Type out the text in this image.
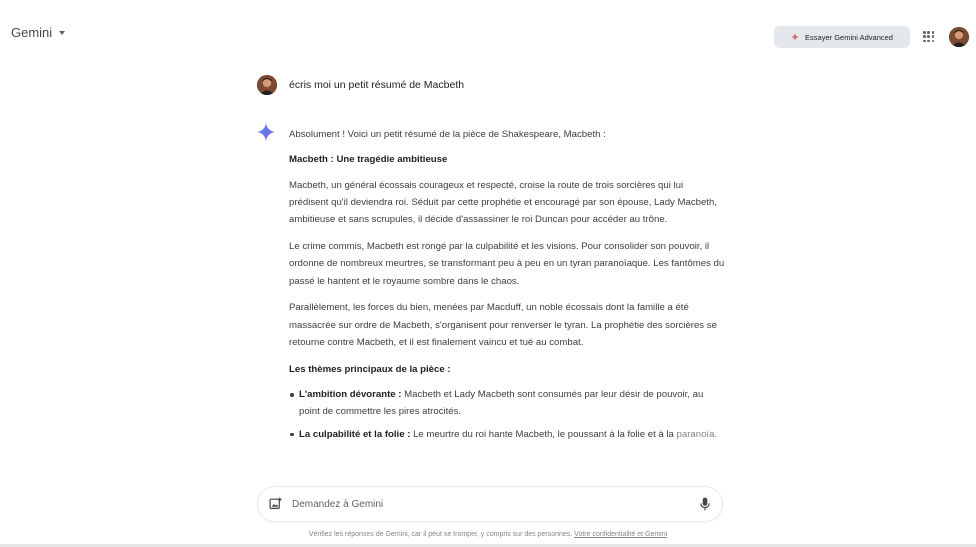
Gemini	Essayer Gemini Advanced
écris moi un petit résumé de Macbeth

Absolument ! Voici un petit résumé de la pièce de Shakespeare, Macbeth :

Macbeth : Une tragédie ambitieuse

Macbeth, un général écossais courageux et respecté, croise la route de trois sorcières qui lui prédisent qu'il deviendra roi. Séduit par cette prophétie et encouragé par son épouse, Lady Macbeth, ambitieuse et sans scrupules, il décide d'assassiner le roi Duncan pour accéder au trône.

Le crime commis, Macbeth est rongé par la culpabilité et les visions. Pour consolider son pouvoir, il ordonne de nombreux meurtres, se transformant peu à peu en un tyran paranoïaque. Les fantômes du passé le hantent et le royaume sombre dans le chaos.

Parallèlement, les forces du bien, menées par Macduff, un noble écossais dont la famille a été massacrée sur ordre de Macbeth, s'organisent pour renverser le tyran. La prophétie des sorcières se retourne contre Macbeth, et il est finalement vaincu et tué au combat.

Les thèmes principaux de la pièce :

L'ambition dévorante : Macbeth et Lady Macbeth sont consumés par leur désir de pouvoir, au point de commettre les pires atrocités.
La culpabilité et la folie : Le meurtre du roi hante Macbeth, le poussant à la folie et à la paranoïa.
Demandez à Gemini
Vérifiez les réponses de Gemini, car il peut se tromper, y compris sur des personnes. Votre confidentialité et Gemini
